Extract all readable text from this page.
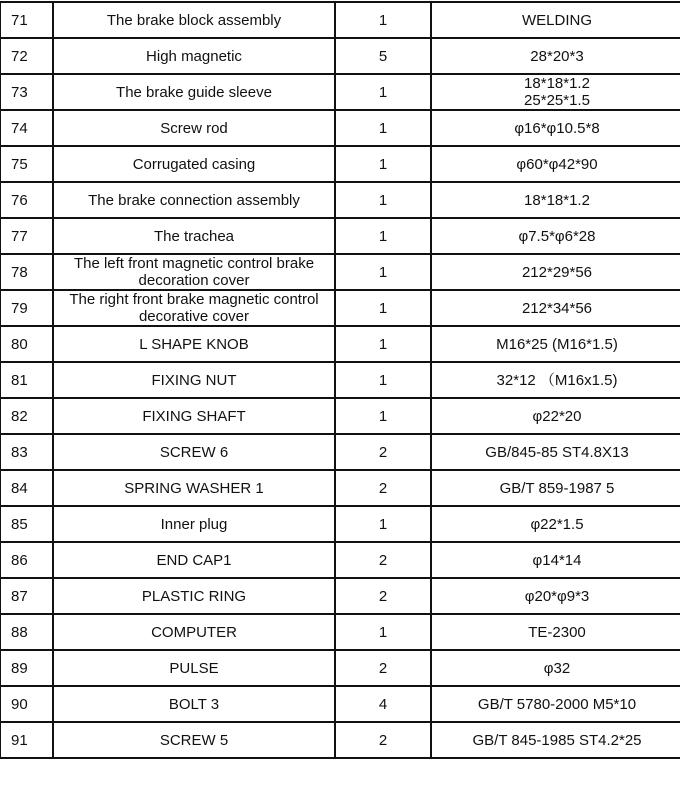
71	The brake block assembly	1	WELDING
72	High magnetic	5	28*20*3
73	The brake guide sleeve	1	18*18*1.2
25*25*1.5
74	Screw rod	1	φ16*φ10.5*8
75	Corrugated casing	1	φ60*φ42*90
76	The brake connection assembly	1	18*18*1.2
77	The trachea	1	φ7.5*φ6*28
78	The left front magnetic control brake
decoration cover	1	212*29*56
79	The right front brake magnetic control
decorative cover	1	212*34*56
80	L SHAPE KNOB	1	M16*25 (M16*1.5)
81	FIXING NUT	1	32*12 （M16x1.5)
82	FIXING SHAFT	1	φ22*20
83	SCREW 6	2	GB/845-85 ST4.8X13
84	SPRING WASHER 1	2	GB/T 859-1987 5
85	Inner plug	1	φ22*1.5
86	END CAP1	2	φ14*14
87	PLASTIC RING	2	φ20*φ9*3
88	COMPUTER	1	TE-2300
89	PULSE	2	φ32
90	BOLT 3	4	GB/T 5780-2000 M5*10
91	SCREW 5	2	GB/T 845-1985 ST4.2*25
